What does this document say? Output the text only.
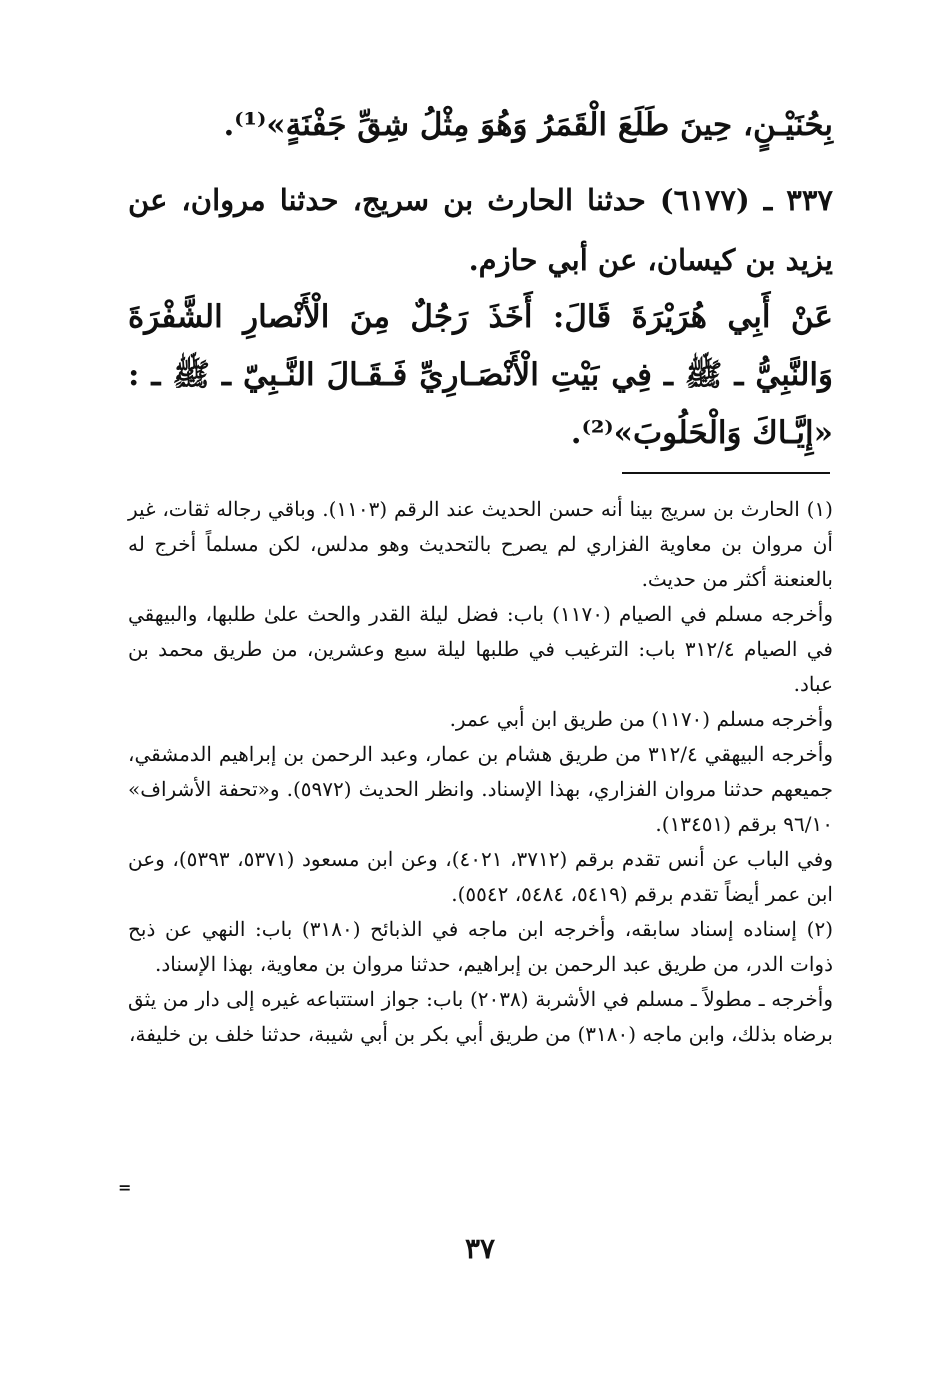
بِحُنَيْـنٍ، حِينَ طَلَعَ الْقَمَرُ وَهُوَ مِثْلُ شِقِّ جَفْنَةٍ»⁽¹⁾.
٣٣٧ ـ (٦١٧٧) حدثنا الحارث بن سريج، حدثنا مروان، عن يزيد بن كيسان، عن أبي حازم.
عَنْ أَبِي هُرَيْرَةَ قَالَ: أَخَذَ رَجُلٌ مِنَ الْأَنْصارِ الشَّفْرَةَ وَالنَّبِيُّ ـ ﷺ ـ فِي بَيْتِ الْأَنْصَـارِيِّ فَـقَـالَ النَّـبِيّ ـ ﷺ ـ : «إِيَّـاكَ وَالْحَلُوبَ»⁽²⁾.

(١) الحارث بن سريج بينا أنه حسن الحديث عند الرقم (١١٠٣). وباقي رجاله ثقات، غير أن مروان بن معاوية الفزاري لم يصرح بالتحديث وهو مدلس، لكن مسلماً أخرج له بالعنعنة أكثر من حديث.

وأخرجه مسلم في الصيام (١١٧٠) باب: فضل ليلة القدر والحث علىٰ طلبها، والبيهقي في الصيام ٣١٢/٤ باب: الترغيب في طلبها ليلة سبع وعشرين، من طريق محمد بن عباد.

وأخرجه مسلم (١١٧٠) من طريق ابن أبي عمر.

وأخرجه البيهقي ٣١٢/٤ من طريق هشام بن عمار، وعبد الرحمن بن إبراهيم الدمشقي، جميعهم حدثنا مروان الفزاري، بهذا الإسناد. وانظر الحديث (٥٩٧٢). و«تحفة الأشراف» ٩٦/١٠ برقم (١٣٤٥١).

وفي الباب عن أنس تقدم برقم (٣٧١٢، ٤٠٢١)، وعن ابن مسعود (٥٣٧١، ٥٣٩٣)، وعن ابن عمر أيضاً تقدم برقم (٥٤١٩، ٥٤٨٤، ٥٥٤٢).

(٢) إسناده إسناد سابقه، وأخرجه ابن ماجه في الذبائح (٣١٨٠) باب: النهي عن ذبح ذوات الدر، من طريق عبد الرحمن بن إبراهيم، حدثنا مروان بن معاوية، بهذا الإسناد.

وأخرجه ـ مطولاً ـ مسلم في الأشربة (٢٠٣٨) باب: جواز استتباعه غيره إلى دار من يثق برضاه بذلك، وابن ماجه (٣١٨٠) من طريق أبي بكر بن أبي شيبة، حدثنا خلف بن خليفة،

=
٣٧
